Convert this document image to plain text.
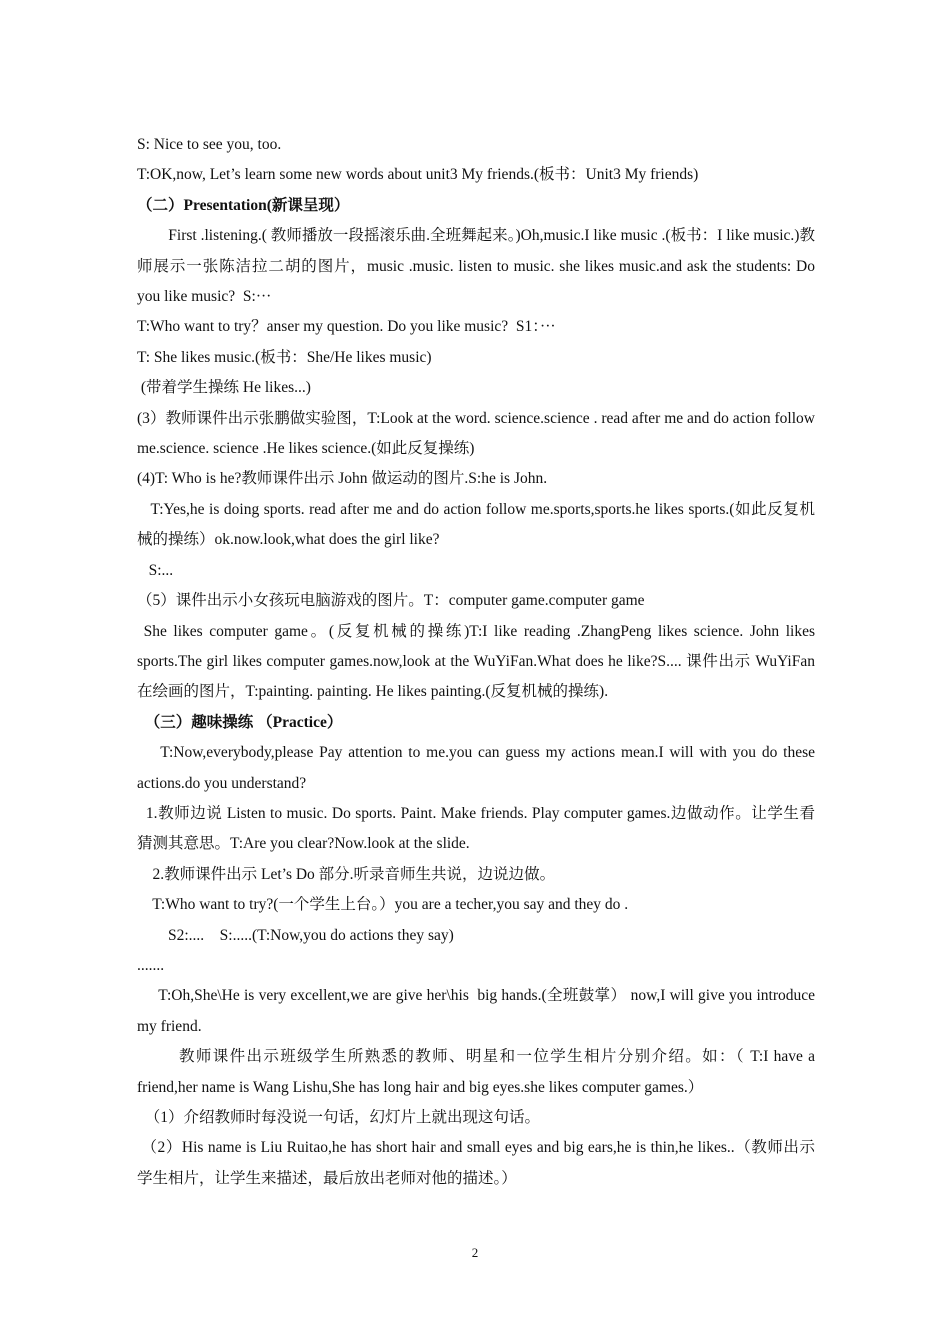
S: Nice to see you, too.

T:OK,now, Let’s learn some new words about unit3 My friends.(板书：Unit3 My friends)

（二）Presentation(新课呈现）

First .listening.( 教师播放一段摇滚乐曲.全班舞起来。)Oh,music.I like music .(板书：I like music.)教师展示一张陈洁拉二胡的图片，music .music. listen to music. she likes music.and ask the students: Do you like music?  S:···

T:Who want to try？anser my question. Do you like music?  S1：···

T: She likes music.(板书：She/He likes music)

(带着学生操练 He likes...)

(3）教师课件出示张鹏做实验图，T:Look at the word. science.science . read after me and do action follow me.science. science .He likes science.(如此反复操练)

(4)T: Who is he?教师课件出示 John 做运动的图片.S:he is John.

T:Yes,he is doing sports. read after me and do action follow me.sports,sports.he likes sports.(如此反复机械的操练）ok.now.look,what does the girl like?

S:...

（5）课件出示小女孩玩电脑游戏的图片。T：computer game.computer game

She likes computer game。(反复机械的操练)T:I like reading .ZhangPeng likes science. John likes sports.The girl likes computer games.now,look at the WuYiFan.What does he like?S.... 课件出示 WuYiFan 在绘画的图片，T:painting. painting. He likes painting.(反复机械的操练).

（三）趣味操练 （Practice）

T:Now,everybody,please Pay attention to me.you can guess my actions mean.I will with you do these actions.do you understand?

1.教师边说 Listen to music. Do sports. Paint. Make friends. Play computer games.边做动作。让学生看猜测其意思。T:Are you clear?Now.look at the slide.

2.教师课件出示 Let’s Do 部分.听录音师生共说，边说边做。

T:Who want to try?(一个学生上台。）you are a techer,you say and they do .

S2:....    S:.....(T:Now,you do actions they say)

.......

T:Oh,She\He is very excellent,we are give her\his  big hands.(全班鼓掌） now,I will give you introduce my friend.

教师课件出示班级学生所熟悉的教师、明星和一位学生相片分别介绍。如：（ T:I have a friend,her name is Wang Lishu,She has long hair and big eyes.she likes computer games.）

（1）介绍教师时每没说一句话，幻灯片上就出现这句话。

（2）His name is Liu Ruitao,he has short hair and small eyes and big ears,he is thin,he likes..（教师出示学生相片，让学生来描述，最后放出老师对他的描述。）

2
